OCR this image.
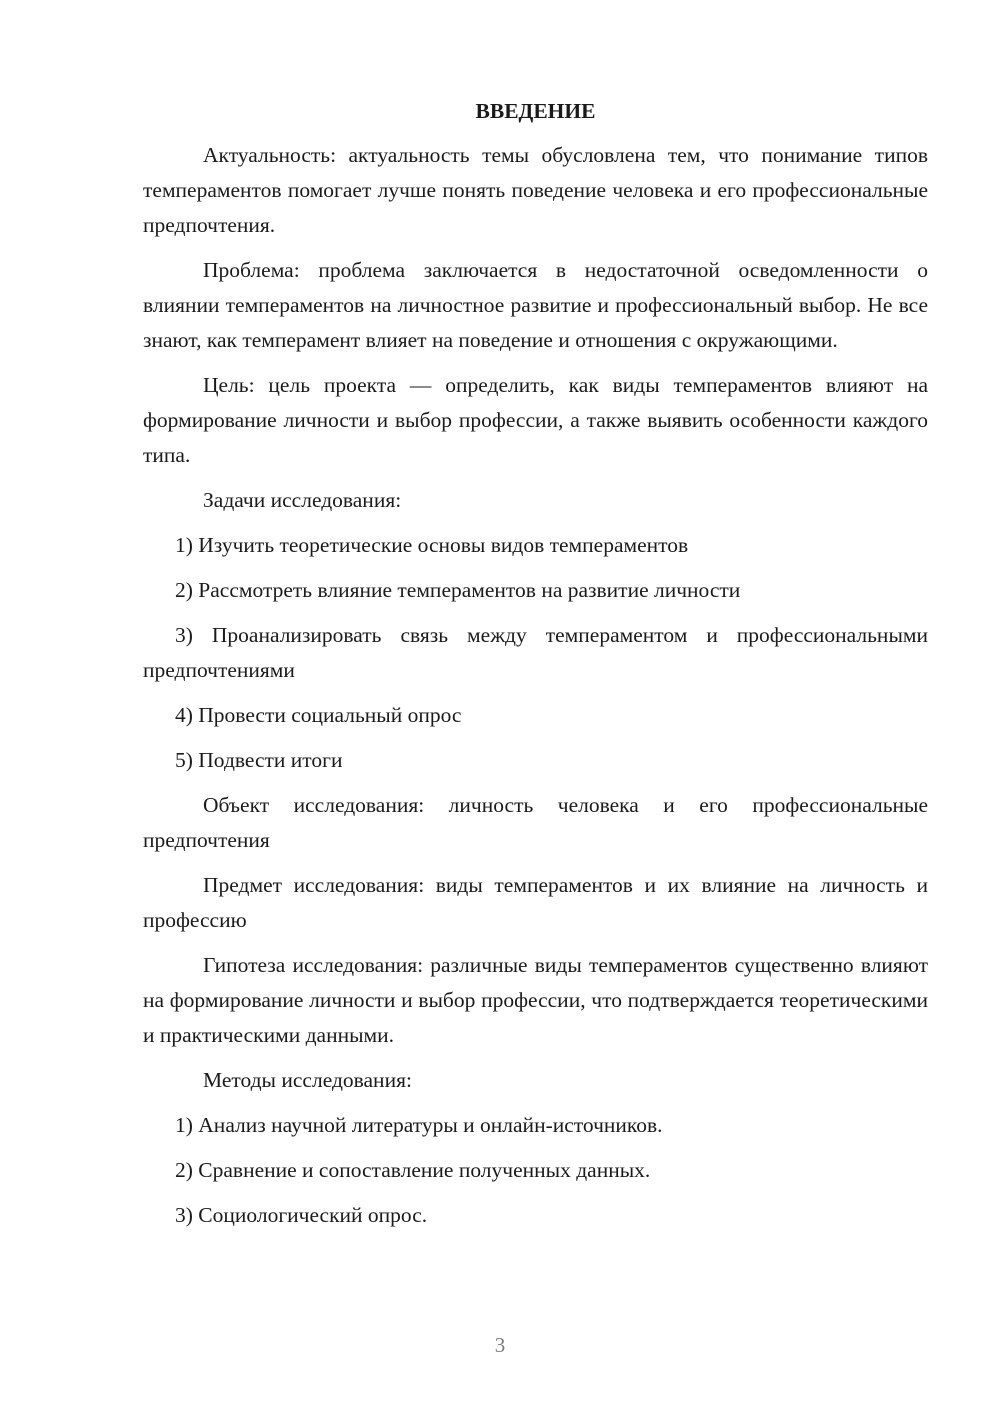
ВВЕДЕНИЕ

Актуальность: актуальность темы обусловлена тем, что понимание типов темпераментов помогает лучше понять поведение человека и его профессиональные предпочтения.

Проблема: проблема заключается в недостаточной осведомленности о влиянии темпераментов на личностное развитие и профессиональный выбор. Не все знают, как темперамент влияет на поведение и отношения с окружающими.

Цель: цель проекта — определить, как виды темпераментов влияют на формирование личности и выбор профессии, а также выявить особенности каждого типа.

Задачи исследования:

1) Изучить теоретические основы видов темпераментов

2) Рассмотреть влияние темпераментов на развитие личности

3) Проанализировать связь между темпераментом и профессиональными предпочтениями

4) Провести социальный опрос

5) Подвести итоги

Объект исследования: личность человека и его профессиональные предпочтения

Предмет исследования: виды темпераментов и их влияние на личность и профессию

Гипотеза исследования: различные виды темпераментов существенно влияют на формирование личности и выбор профессии, что подтверждается теоретическими и практическими данными.

Методы исследования:

1) Анализ научной литературы и онлайн-источников.

2) Сравнение и сопоставление полученных данных.

3) Социологический опрос.

3
